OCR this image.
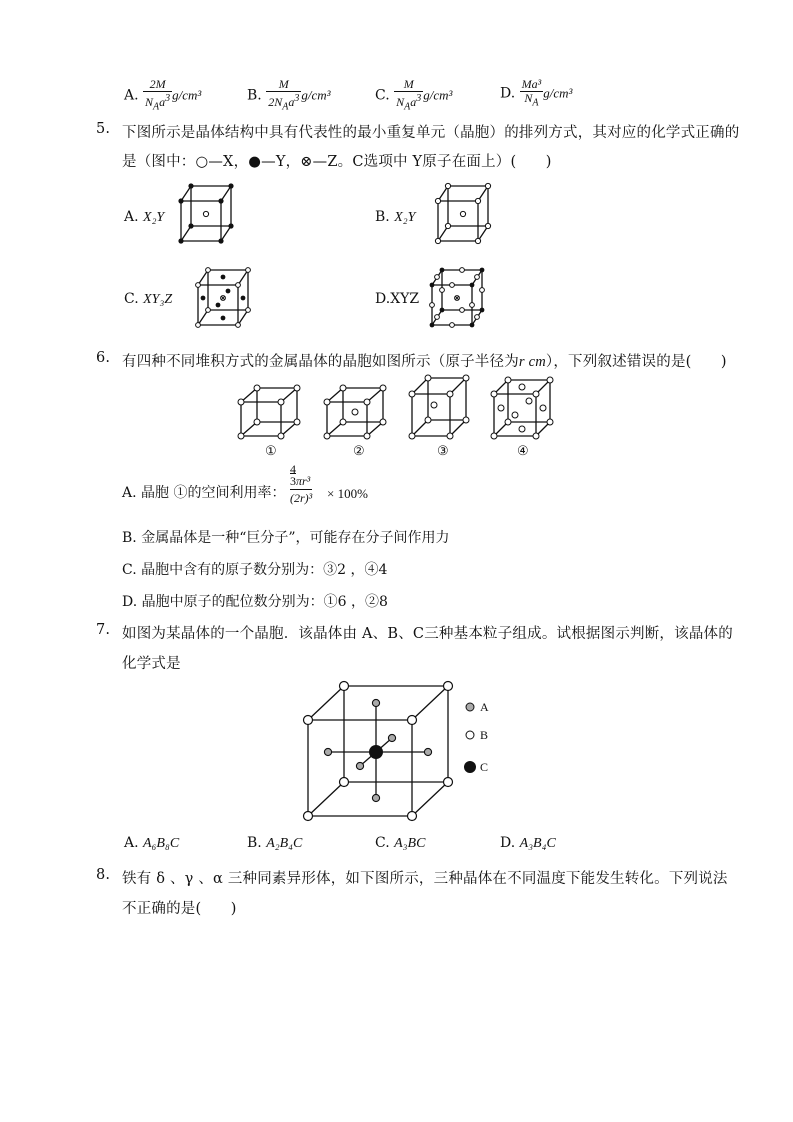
A. $\frac{2M}{N_Aa^3} g/cm^3$	B. $\frac{M}{2N_Aa^3} g/cm^3$	C. $\frac{M}{N_Aa^3} g/cm^3$	D. $\frac{\text{Ma³}}{N_A} g/cm^3$
5. 下图所示是晶体结构中具有代表性的最小重复单元（晶胞）的排列方式，其对应的化学式正确的
是（图中：○—X，●—Y，⊗—Z。C选项中 Y原子在面上）(　　)
A. X₂Y	B. X₂Y
C. XY₃Z	D.XYZ
6. 有四种不同堆积方式的金属晶体的晶胞如图所示（原子半径为r cm），下列叙述错误的是(　　)
①	②	③	④
A. 晶胞 ①的空间利用率：
4
3πr³
(2r)³ × 100%
B. 金属晶体是一种“巨分子”，可能存在分子间作用力
C. 晶胞中含有的原子数分别为：③2 ，④4
D. 晶胞中原子的配位数分别为：①6 ，②8
7. 如图为某晶体的一个晶胞．该晶体由 A、B、C三种基本粒子组成。试根据图示判断，该晶体的
化学式是
A
B
C
A. A₆B₈C	B. A₂B₄C	C. A₃BC	D. A₃B₄C
8. 铁有 δ 、γ 、α 三种同素异形体，如下图所示，三种晶体在不同温度下能发生转化。下列说法
不正确的是(　　)
